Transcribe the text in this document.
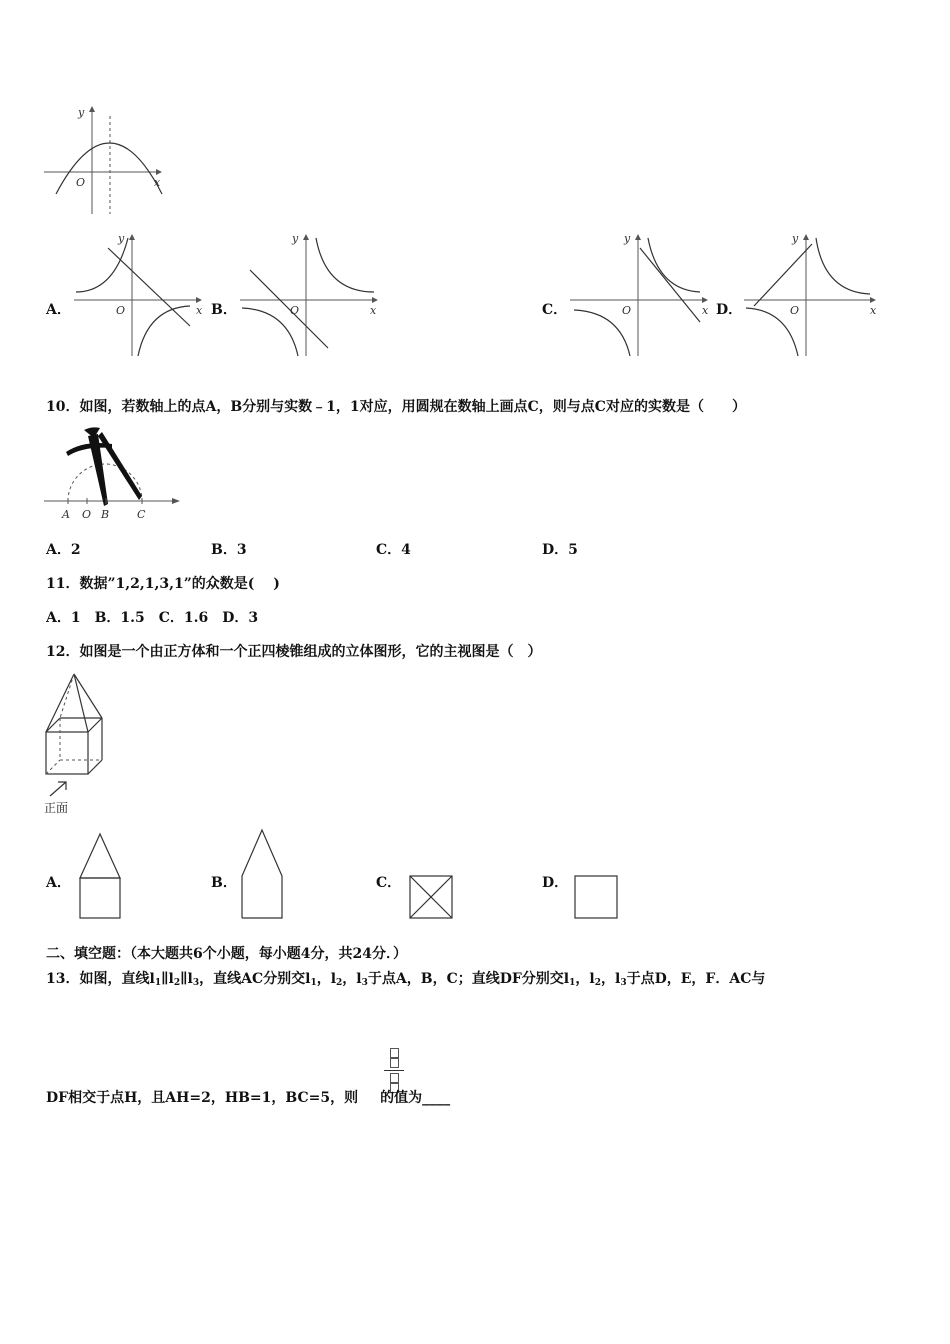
y
x
O
A．
y
x
O	B．
y
x
O	C．
y
x
O	D．
y
x
O
10．如图，若数轴上的点A，B分别与实数﹣1，1对应，用圆规在数轴上画点C，则与点C对应的实数是（　　）
A O B	C
A．2	B．3	C．4	D．5
11．数据”1,2,1,3,1”的众数是(　 )
A．1　B．1.5　C．1.6　D．3
12．如图是一个由正方体和一个正四棱锥组成的立体图形，它的主视图是（　）
正面
A．	B．	C．	D．
二、填空题：（本大题共6个小题，每小题4分，共24分．）
13．如图，直线$l_1\parallel l_2\parallel l_3$，直线AC分别交$l_1$，$l_2$，$l_3$于点A，B，C；直线DF分别交$l_1$，$l_2$，$l_3$于点D，E，F．AC与
DF相交于点H，且AH=2，HB=1，BC=5，则 的值为____
